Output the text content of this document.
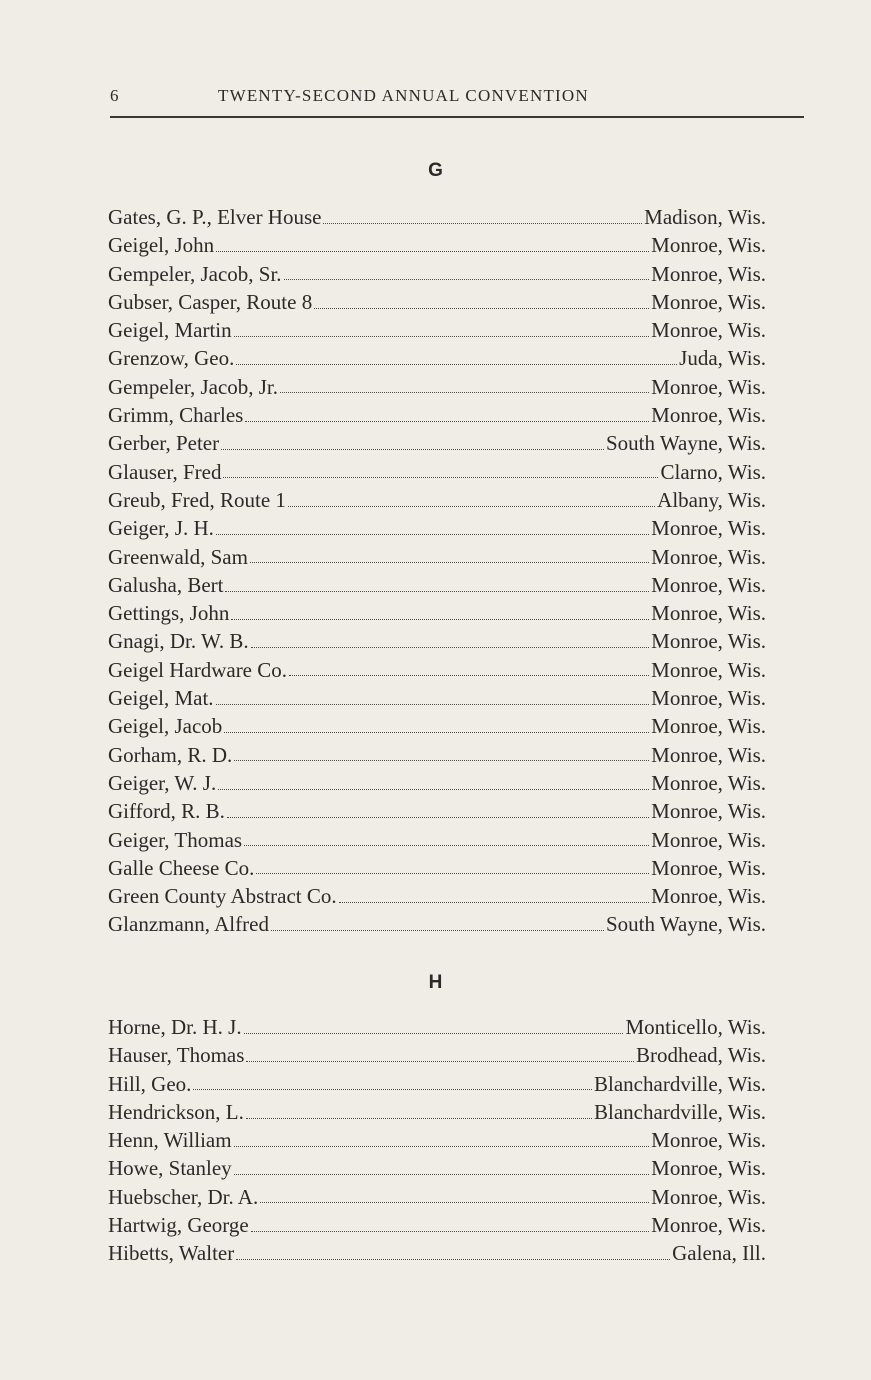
6	TWENTY-SECOND ANNUAL CONVENTION
G
Gates, G. P., Elver House	Madison, Wis.
Geigel, John	Monroe, Wis.
Gempeler, Jacob, Sr.	Monroe, Wis.
Gubser, Casper, Route 8	Monroe, Wis.
Geigel, Martin	Monroe, Wis.
Grenzow, Geo.	Juda, Wis.
Gempeler, Jacob, Jr.	Monroe, Wis.
Grimm, Charles	Monroe, Wis.
Gerber, Peter	South Wayne, Wis.
Glauser, Fred	Clarno, Wis.
Greub, Fred, Route 1	Albany, Wis.
Geiger, J. H.	Monroe, Wis.
Greenwald, Sam	Monroe, Wis.
Galusha, Bert	Monroe, Wis.
Gettings, John	Monroe, Wis.
Gnagi, Dr. W. B.	Monroe, Wis.
Geigel Hardware Co.	Monroe, Wis.
Geigel, Mat.	Monroe, Wis.
Geigel, Jacob	Monroe, Wis.
Gorham, R. D.	Monroe, Wis.
Geiger, W. J.	Monroe, Wis.
Gifford, R. B.	Monroe, Wis.
Geiger, Thomas	Monroe, Wis.
Galle Cheese Co.	Monroe, Wis.
Green County Abstract Co.	Monroe, Wis.
Glanzmann, Alfred	South Wayne, Wis.
H
Horne, Dr. H. J.	Monticello, Wis.
Hauser, Thomas	Brodhead, Wis.
Hill, Geo.	Blanchardville, Wis.
Hendrickson, L.	Blanchardville, Wis.
Henn, William	Monroe, Wis.
Howe, Stanley	Monroe, Wis.
Huebscher, Dr. A.	Monroe, Wis.
Hartwig, George	Monroe, Wis.
Hibetts, Walter	Galena, Ill.
